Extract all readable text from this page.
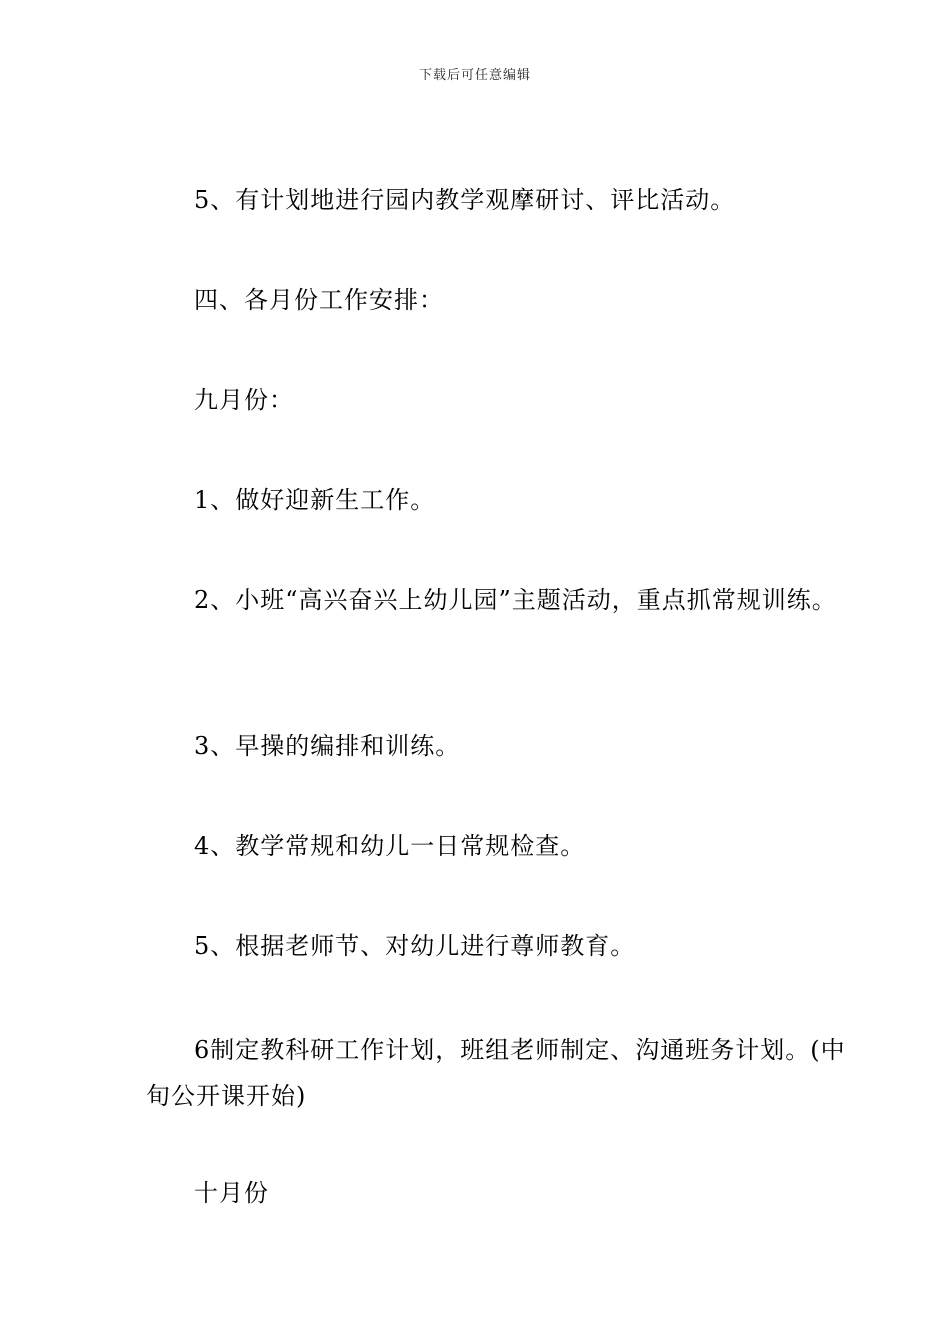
下载后可任意编辑
5、有计划地进行园内教学观摩研讨、评比活动。
四、各月份工作安排：
九月份：
1、做好迎新生工作。
2、小班“高兴奋兴上幼儿园”主题活动，重点抓常规训练。
3、早操的编排和训练。
4、教学常规和幼儿一日常规检查。
5、根据老师节、对幼儿进行尊师教育。
6制定教科研工作计划，班组老师制定、沟通班务计划。(中旬公开课开始)
十月份
